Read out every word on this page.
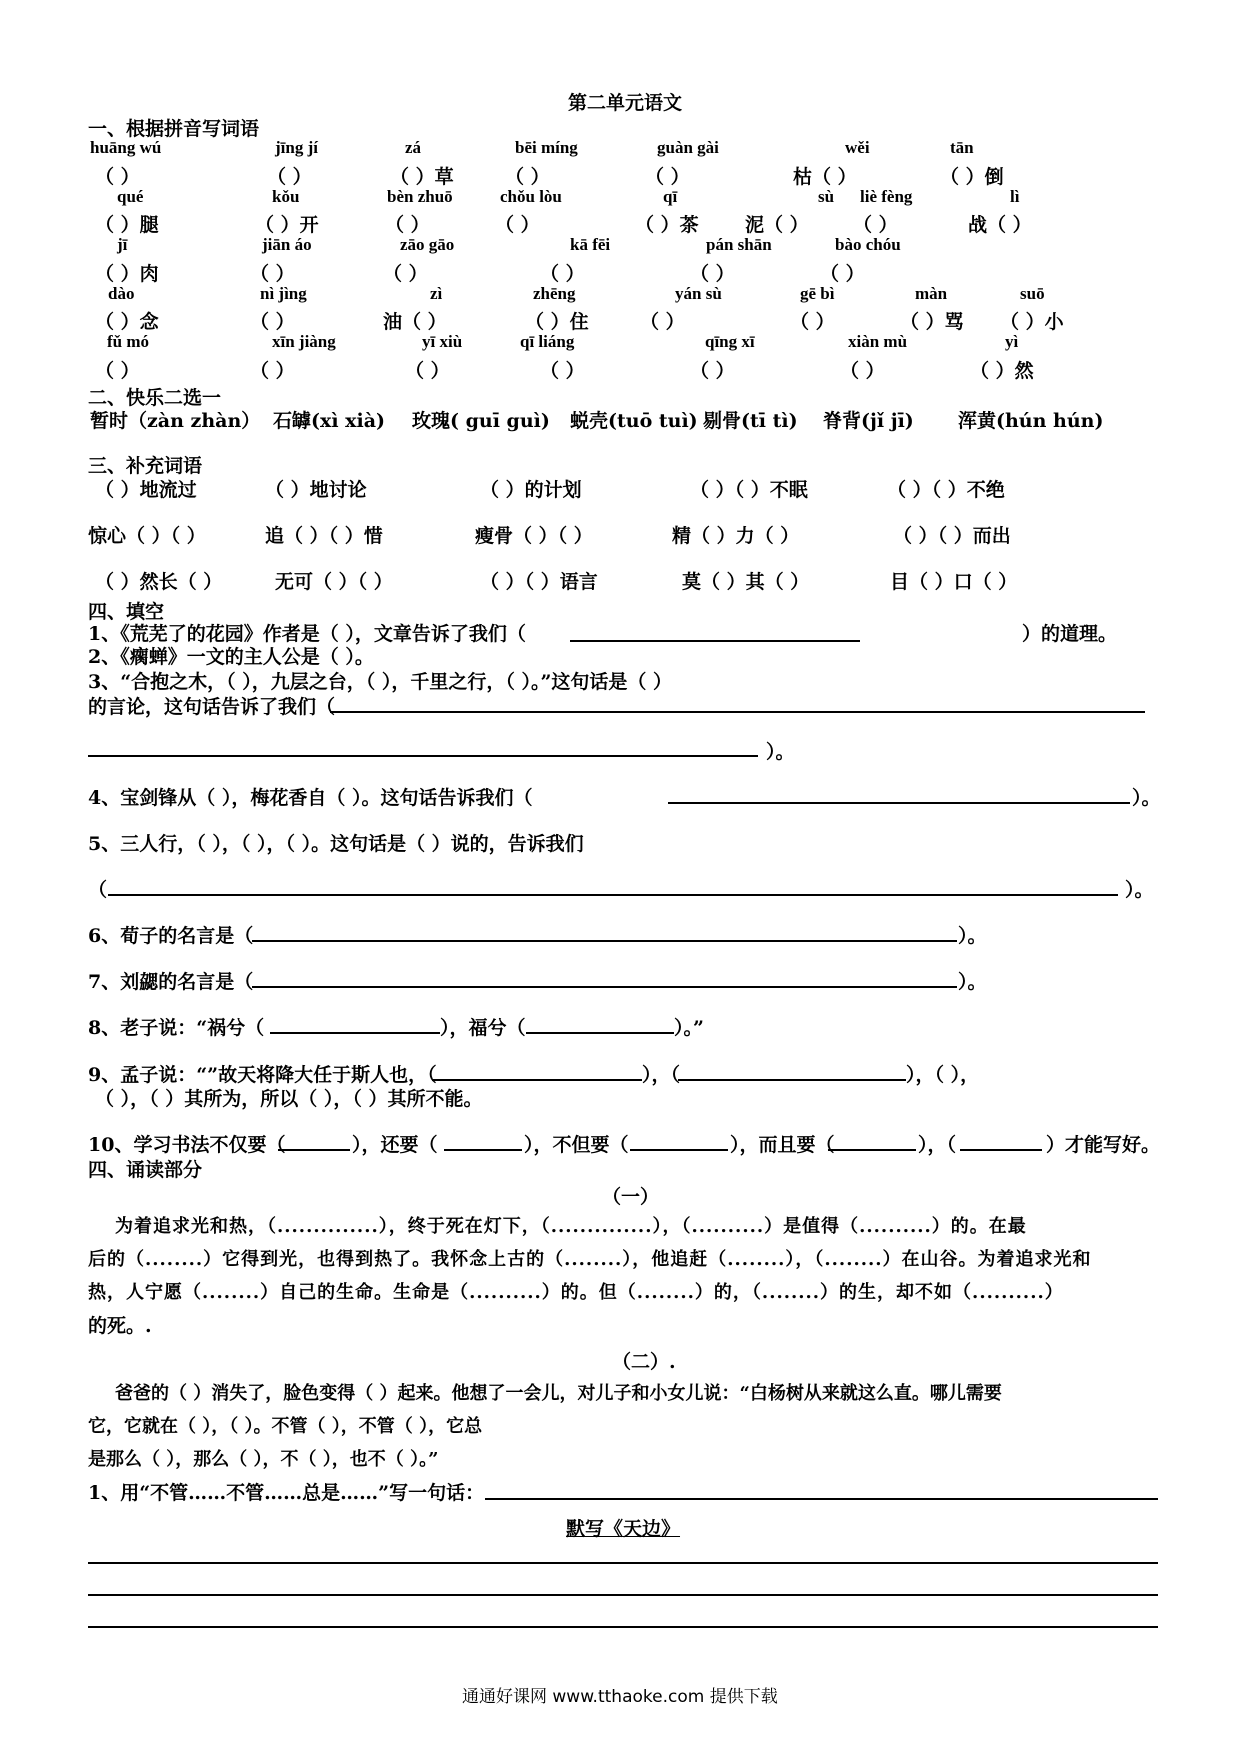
第二单元语文
一、根据拼音写词语
huāng wú	jīng jí	zá	bēi míng	guàn gài	wěi	tān
（ ）	（ ）	（ ）草	（ ）	（ ）	枯（ ）	（ ）倒
qué	kǒu	bèn zhuō	chǒu lòu	qī	sù liè fèng	lì
（ ）腿	（ ）开	（ ）	（ ）	（ ）茶 泥（ ） （ ）	战（ ）
jī	jiān áo	zāo gāo	kā fēi	pán shān	bào chóu
（ ）肉	（ ）	（ ）	（ ）	（ ）	（ ）
dào	nì jìng	zì	zhēng	yán sù	gē bì	màn	suō
（ ）念	（ ）	油（ ）	（ ）住	（ ）	（ ）	（ ）骂 （ ）小
fǔ mó	xīn jiàng	yī xiù	qī liáng	qīng xī	xiàn mù	yì
（ ）	（ ）	（ ）	（ ）	（ ）	（ ）	（ ）然
二、快乐二选一
暂时（zàn zhàn） 石罅(xì xià) 玫瑰( guī guì) 蜕壳(tuō tuì) 剔骨(tī tì) 脊背(jǐ jī) 浑黄(hún hún)
三、补充词语
（ ）地流过	（ ）地讨论	（ ）的计划	（ ）（ ）不眠	（ ）（ ）不绝
惊心（ ）（ ）	追（ ）（ ）惜	瘦骨（ ）（ ）	精（ ）力（ ）	（ ）（ ）而出
（ ）然长（ ）	无可（ ）（ ）	（ ）（ ）语言	莫（ ）其（ ）	目（ ）口（ ）
四、填空
1、《荒芜了的花园》作者是（ ），文章告诉了我们（	）的道理。
2、《瘸蝉》一文的主人公是（ ）。
3、“合抱之木，（ ），九层之台，（ ），千里之行，（ ）。”这句话是（ ）
的言论，这句话告诉了我们（
）。
4、宝剑锋从（ ），梅花香自（ ）。这句话告诉我们（	）。
5、三人行，（ ），（ ），（ ）。这句话是（ ）说的，告诉我们
（	）。
6、荀子的名言是（	）。
7、刘勰的名言是（	）。
8、老子说：“祸兮（	），福兮（	）。”
9、孟子说：“”故天将降大任于斯人也，（	），（	），（ ），
（ ），（ ）其所为，所以（ ），（ ）其所不能。
10、学习书法不仅要（	），还要（	），不但要（	），而且要（	），（	）才能写好。
四、诵读部分
（一）
为着追求光和热，（..............），终于死在灯下，（..............），（..........）是值得（..........）的。在最
后的（........）它得到光，也得到热了。我怀念上古的（........），他追赶（........），（........）在山谷。为着追求光和
热，人宁愿（........）自己的生命。生命是（..........）的。但（........）的，（........）的生，却不如（..........）
的死。.
（二）.
爸爸的（ ）消失了，脸色变得（ ）起来。他想了一会儿，对儿子和小女儿说：“白杨树从来就这么直。哪儿需要
它，它就在（ ），（ ）。不管（ ），不管（ ），它总
是那么（ ），那么（ ），不（ ），也不（ ）。”
1、用“不管……不管……总是……”写一句话：
默写《天边》
通通好课网 www.tthaoke.com 提供下载
